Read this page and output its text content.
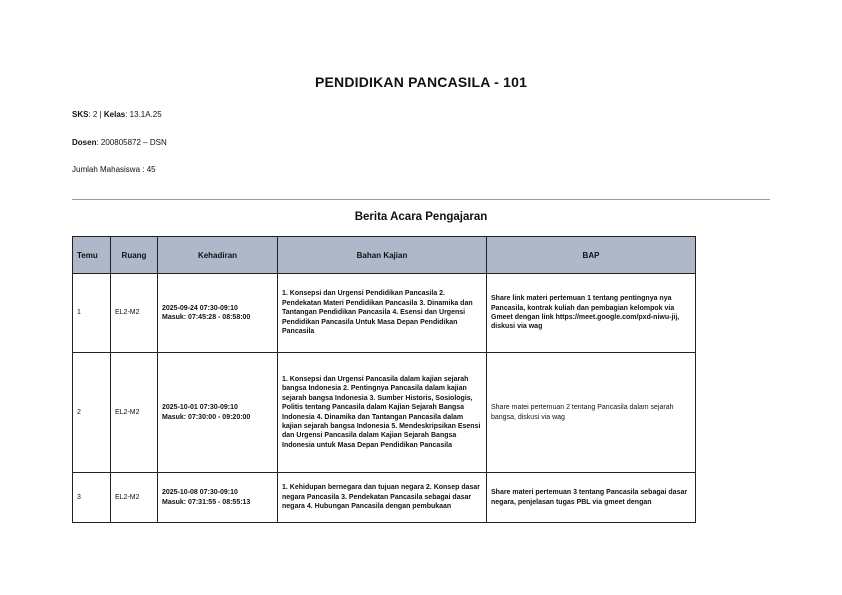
PENDIDIKAN PANCASILA - 101
SKS: 2 | Kelas: 13.1A.25
Dosen: 200805872 – DSN
Jumlah Mahasiswa : 45
Berita Acara Pengajaran
Temu	Ruang	Kehadiran	Bahan Kajian	BAP
1	EL2-M2	2025-09-24 07:30-09:10
Masuk: 07:45:28 - 08:58:00	1. Konsepsi dan Urgensi Pendidikan Pancasila 2. Pendekatan Materi Pendidikan Pancasila 3. Dinamika dan Tantangan Pendidikan Pancasila 4. Esensi dan Urgensi Pendidikan Pancasila Untuk Masa Depan Pendidikan Pancasila	Share link materi pertemuan 1 tentang pentingnya nya Pancasila, kontrak kuliah dan pembagian kelompok via Gmeet dengan link https://meet.google.com/pxd-niwu-jij, diskusi via wag
2	EL2-M2	2025-10-01 07:30-09:10
Masuk: 07:30:00 - 09:20:00	1. Konsepsi dan Urgensi Pancasila dalam kajian sejarah bangsa Indonesia 2. Pentingnya Pancasila dalam kajian sejarah bangsa Indonesia 3. Sumber Historis, Sosiologis, Politis tentang Pancasila dalam Kajian Sejarah Bangsa Indonesia 4. Dinamika dan Tantangan Pancasila dalam kajian sejarah bangsa Indonesia 5. Mendeskripsikan Esensi dan Urgensi Pancasila dalam Kajian Sejarah Bangsa Indonesia untuk Masa Depan Pendidikan Pancasila	Share matei pertemuan 2 tentang Pancasila dalam sejarah bangsa, diskusi via wag
3	EL2-M2	2025-10-08 07:30-09:10
Masuk: 07:31:55 - 08:55:13	1. Kehidupan bernegara dan tujuan negara 2. Konsep dasar negara Pancasila 3. Pendekatan Pancasila sebagai dasar negara 4. Hubungan Pancasila dengan pembukaan	Share materi pertemuan 3 tentang Pancasila sebagai dasar negara, penjelasan tugas PBL via gmeet dengan
